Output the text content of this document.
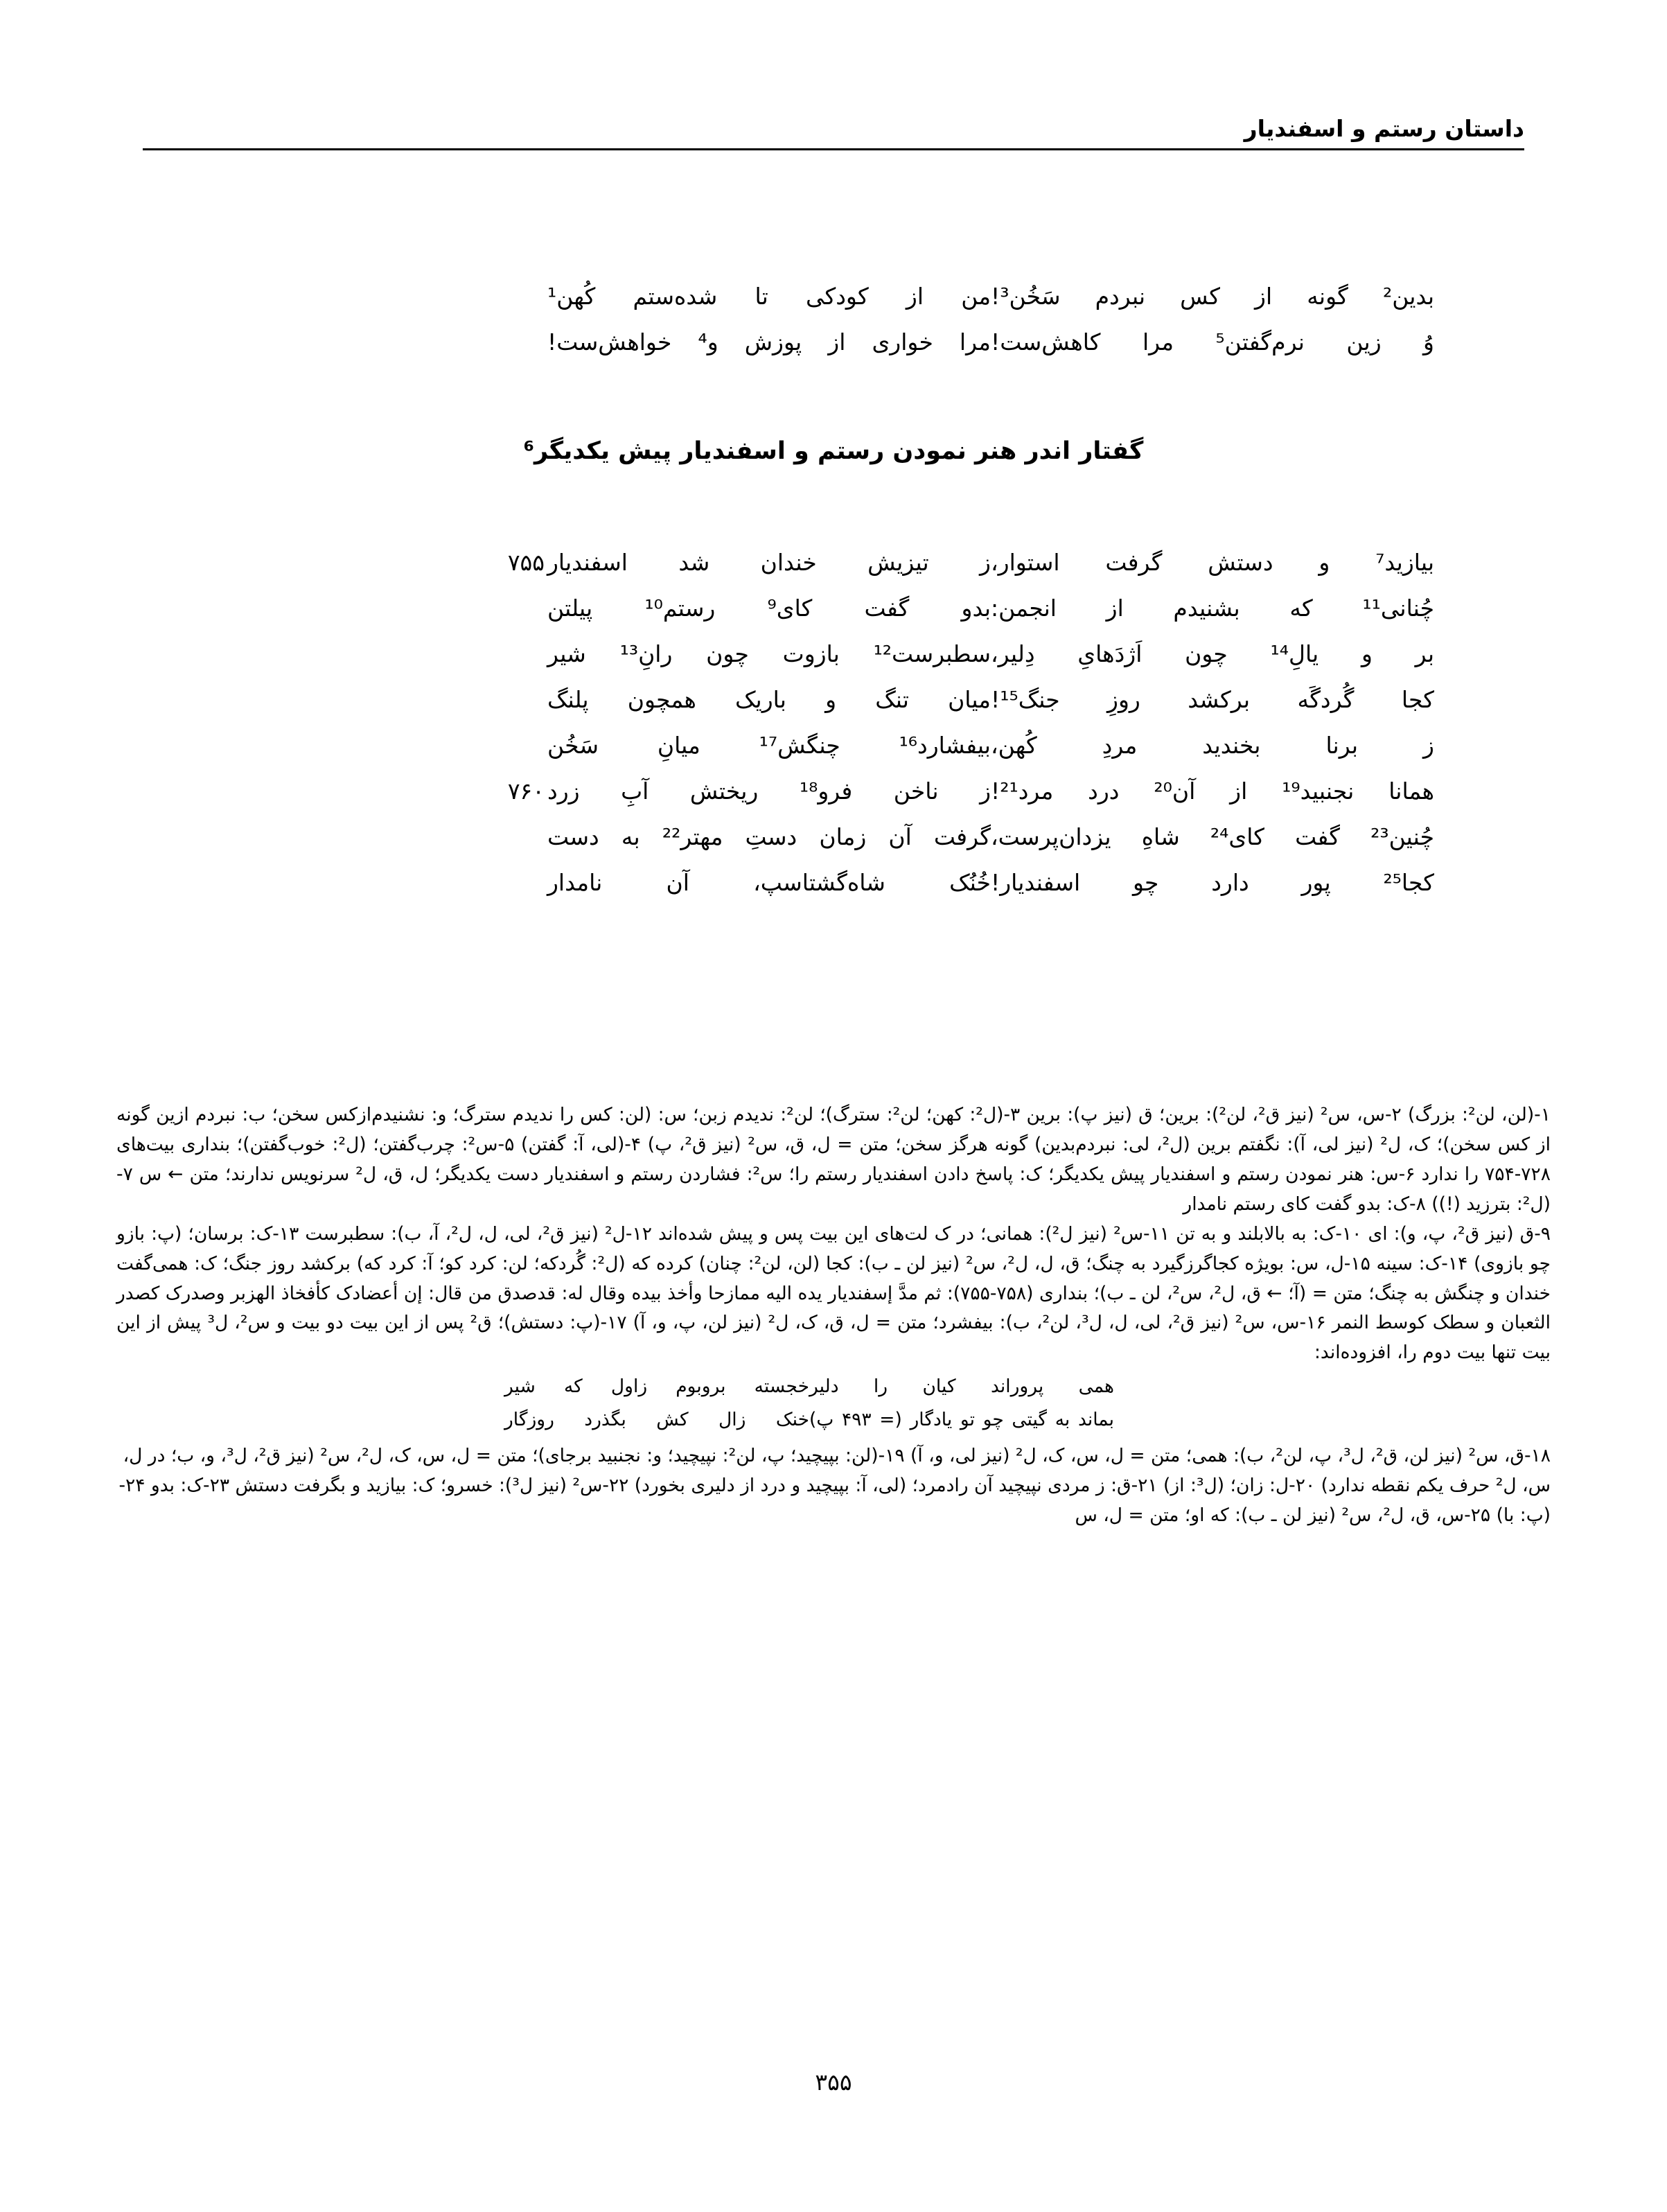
داستان رستم و اسفندیار
بدین² گونه از کس نبردم سَخُن³!
من از کودکی تا شده‌ستم کُهن¹
وُ زین نرم‌گفتن⁵ مرا کاهش‌ست!
مرا خواری از پوزش و⁴ خواهش‌ست!
گفتار اندر هنر نمودن رستم و اسفندیار پیش یکدیگر⁶
بیازید⁷ و دستش گرفت استوار،
ز تیزیش خندان شد اسفندیار
۷۵۵
چُنانی¹¹ که بشنیدم از انجمن:
بدو گفت کای⁹ رستم¹⁰ پیلتن
بر و یالِ¹⁴ چون اَژدَهایِ دِلیر،
سطبرست¹² بازوت چون رانِ¹³ شیر
کجا گُردگَه برکشد روزِ جنگ¹⁵!
میان تنگ و باریک همچون پلنگ
ز برنا بخندید مردِ کُهن،
بیفشارد¹⁶ چنگش¹⁷ میانِ سَخُن
همانا نجنبید¹⁹ از آن²⁰ درد مرد²¹!
ز ناخن فرو¹⁸ ریختش آبِ زرد
۷۶۰
چُنین²³ گفت کای²⁴ شاهِ یزدان‌پرست،
گرفت آن زمان دستِ مهتر²² به دست
کجا²⁵ پور دارد چو اسفندیار!
خُنُک شاه‌گشتاسپ، آن نامدار

۱-(لن، لن²: بزرگ) ۲-س، س² (نیز ق²، لن²): برین؛ ق (نیز پ): برین ۳-(ل²: کهن؛ لن²: سترگ)؛ لن²: ندیدم زبن؛ س: (لن: کس را ندیدم سترگ؛ و: نشنیدم‌ازکس سخن؛ ب: نبردم ازین گونه از کس سخن)؛ ک، ل² (نیز لی، آ): نگفتم برین (ل²، لی: نبردم‌بدین) گونه هرگز سخن؛ متن = ل، ق، س² (نیز ق²، پ) ۴-(لی، آ: گفتن) ۵-س²: چرب‌گفتن؛ (ل²: خوب‌گفتن)؛ بنداری بیت‌های ۷۲۸-۷۵۴ را ندارد ۶-س: هنر نمودن رستم و اسفندیار پیش یکدیگر؛ ک: پاسخ دادن اسفندیار رستم را؛ س²: فشاردن رستم و اسفندیار دست یکدیگر؛ ل، ق، ل² سرنویس ندارند؛ متن ← س ۷-(ل²: بترزید (!)) ۸-ک: بدو گفت کای رستم نامدار

۹-ق (نیز ق²، پ، و): ای ۱۰-ک: به بالابلند و به تن ۱۱-س² (نیز ل²): همانی؛ در ک لت‌های این بیت پس و پیش شده‌اند ۱۲-ل² (نیز ق²، لی، ل، ل²، آ، ب): سطبرست ۱۳-ک: برسان؛ (پ: بازو چو بازوی) ۱۴-ک: سینه ۱۵-ل، س: بویژه کجاگرزگیرد به چنگ؛ ق، ل، ل²، س² (نیز لن ـ ب): کجا (لن، لن²: چنان) کرده که (ل²: گُردکه؛ لن: کرد کو؛ آ: کرد که) برکشد روز جنگ؛ ک: همی‌گفت خندان و چنگش به چنگ؛ متن = (آ؛ ← ق، ل²، س²، لن ـ ب)؛ بنداری (۷۵۸-۷۵۵): ثم مدَّ إسفندیار یده الیه ممازحا وأخذ بیده وقال له: قدصدق من قال: إن أعضادک کأفخاذ الهزبر وصدرک کصدر الثعبان و سطک کوسط النمر ۱۶-س، س² (نیز ق²، لی، ل، ل³، لن²، ب): بیفشرد؛ متن = ل، ق، ک، ل² (نیز لن، پ، و، آ) ۱۷-(پ: دستش)؛ ق² پس از این بیت دو بیت و س²، ل³ پیش از این بیت تنها بیت دوم را، افزوده‌اند:

همی پروراند کیان را دلیر
خجسته بروبوم زاول که شیر
بماند به گیتی چو تو یادگار (= ۴۹۳ پ)
خنک زال کش بگذرد روزگار

۱۸-ق، س² (نیز لن، ق²، ل³، پ، لن²، ب): همی؛ متن = ل، س، ک، ل² (نیز لی، و، آ) ۱۹-(لن: بپیچید؛ پ، لن²: نپیچید؛ و: نجنبید برجای)؛ متن = ل، س، ک، ل²، س² (نیز ق²، ل³، و، ب؛ در ل، س، ل² حرف یکم نقطه ندارد) ۲۰-ل: زان؛ (ل³: از) ۲۱-ق: ز مردی نپیچید آن رادمرد؛ (لی، آ: بپیچید و درد از دلیری بخورد) ۲۲-س² (نیز ل³): خسرو؛ ک: بیازید و بگرفت دستش ۲۳-ک: بدو ۲۴-(پ: با) ۲۵-س، ق، ل²، س² (نیز لن ـ ب): که او؛ متن = ل، س

۳۵۵
